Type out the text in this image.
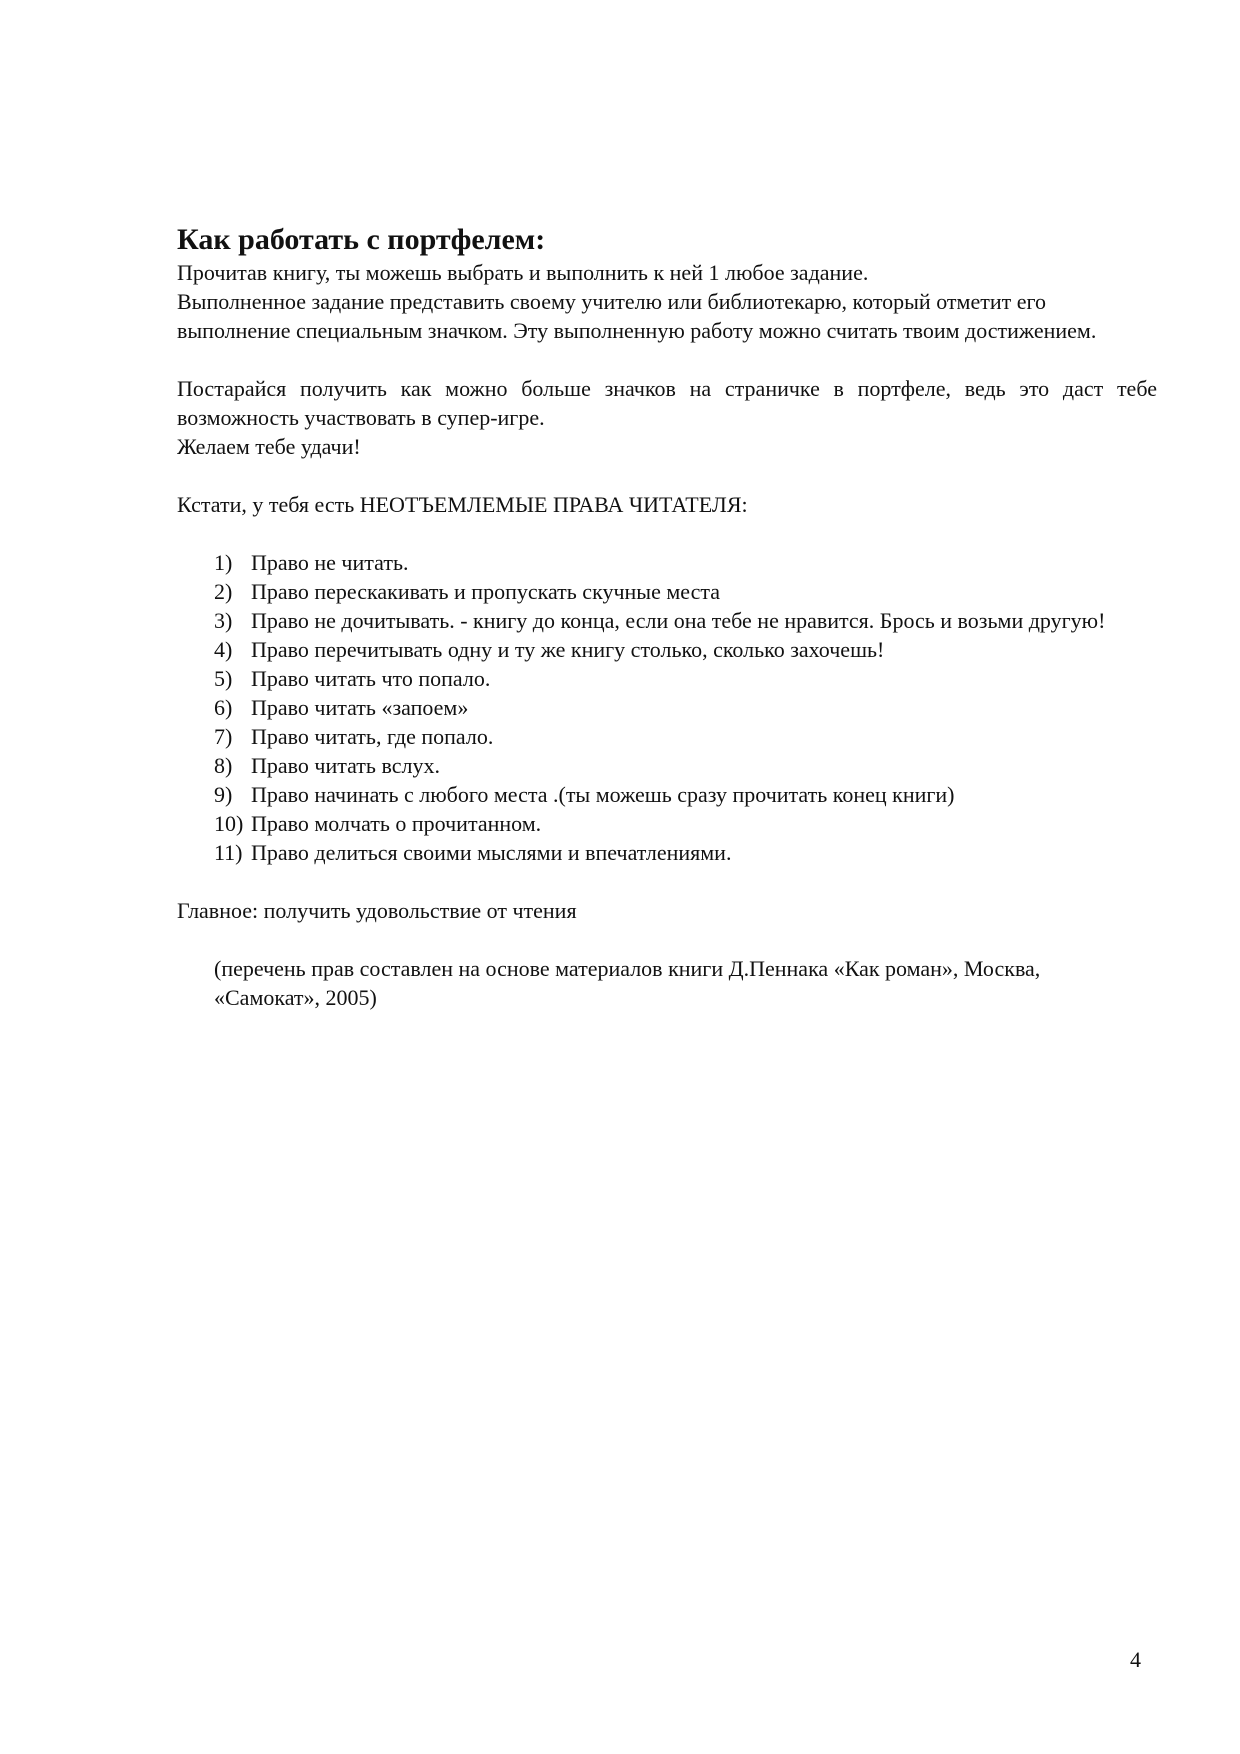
Как работать с портфелем:

Прочитав книгу, ты можешь выбрать и выполнить к ней 1 любое задание.

Выполненное задание представить своему учителю или библиотекарю, который отметит его выполнение специальным значком. Эту выполненную работу можно считать твоим достижением.

Постарайся получить как можно больше значков на страничке в портфеле, ведь это даст тебе возможность участвовать в супер-игре.

Желаем тебе удачи!

Кстати, у тебя есть НЕОТЪЕМЛЕМЫЕ ПРАВА ЧИТАТЕЛЯ:

1) Право не читать.
2) Право перескакивать и пропускать скучные места
3) Право не дочитывать. - книгу до конца, если она тебе не нравится. Брось и возьми другую!
4) Право перечитывать одну и ту же книгу столько, сколько захочешь!
5) Право читать что попало.
6) Право читать «запоем»
7) Право читать, где попало.
8) Право читать вслух.
9) Право начинать с любого места .(ты можешь сразу прочитать конец книги)
10) Право молчать о прочитанном.
11) Право делиться своими мыслями и впечатлениями.

Главное: получить удовольствие от чтения

(перечень прав составлен на основе материалов книги Д.Пеннака «Как роман», Москва, «Самокат», 2005)

4
